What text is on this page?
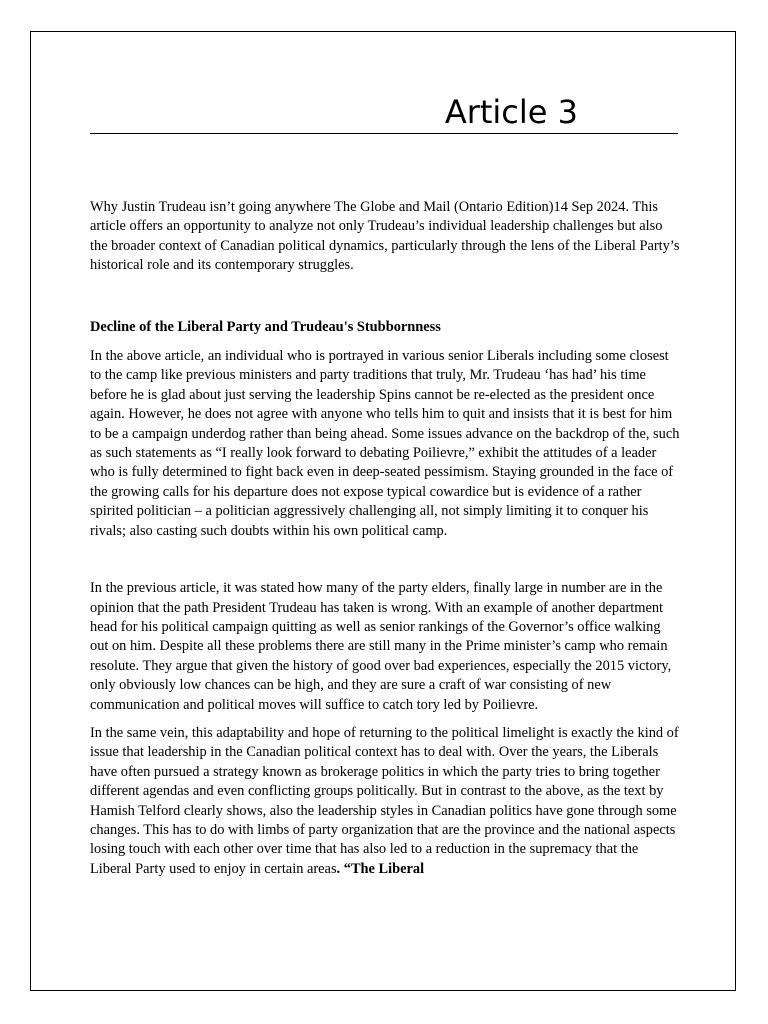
Article 3

Why Justin Trudeau isn’t going anywhere The Globe and Mail (Ontario Edition)14 Sep 2024. This article offers an opportunity to analyze not only Trudeau’s individual leadership challenges but also the broader context of Canadian political dynamics, particularly through the lens of the Liberal Party’s historical role and its contemporary struggles.

Decline of the Liberal Party and Trudeau's Stubbornness

In the above article, an individual who is portrayed in various senior Liberals including some closest to the camp like previous ministers and party traditions that truly, Mr. Trudeau ‘has had’ his time before he is glad about just serving the leadership Spins cannot be re-elected as the president once again. However, he does not agree with anyone who tells him to quit and insists that it is best for him to be a campaign underdog rather than being ahead. Some issues advance on the backdrop of the, such as such statements as “I really look forward to debating Poilievre,” exhibit the attitudes of a leader who is fully determined to fight back even in deep-seated pessimism. Staying grounded in the face of the growing calls for his departure does not expose typical cowardice but is evidence of a rather spirited politician – a politician aggressively challenging all, not simply limiting it to conquer his rivals; also casting such doubts within his own political camp.

In the previous article, it was stated how many of the party elders, finally large in number are in the opinion that the path President Trudeau has taken is wrong. With an example of another department head for his political campaign quitting as well as senior rankings of the Governor’s office walking out on him. Despite all these problems there are still many in the Prime minister’s camp who remain resolute. They argue that given the history of good over bad experiences, especially the 2015 victory, only obviously low chances can be high, and they are sure a craft of war consisting of new communication and political moves will suffice to catch tory led by Poilievre.

In the same vein, this adaptability and hope of returning to the political limelight is exactly the kind of issue that leadership in the Canadian political context has to deal with. Over the years, the Liberals have often pursued a strategy known as brokerage politics in which the party tries to bring together different agendas and even conflicting groups politically. But in contrast to the above, as the text by Hamish Telford clearly shows, also the leadership styles in Canadian politics have gone through some changes. This has to do with limbs of party organization that are the province and the national aspects losing touch with each other over time that has also led to a reduction in the supremacy that the Liberal Party used to enjoy in certain areas. “The Liberal
